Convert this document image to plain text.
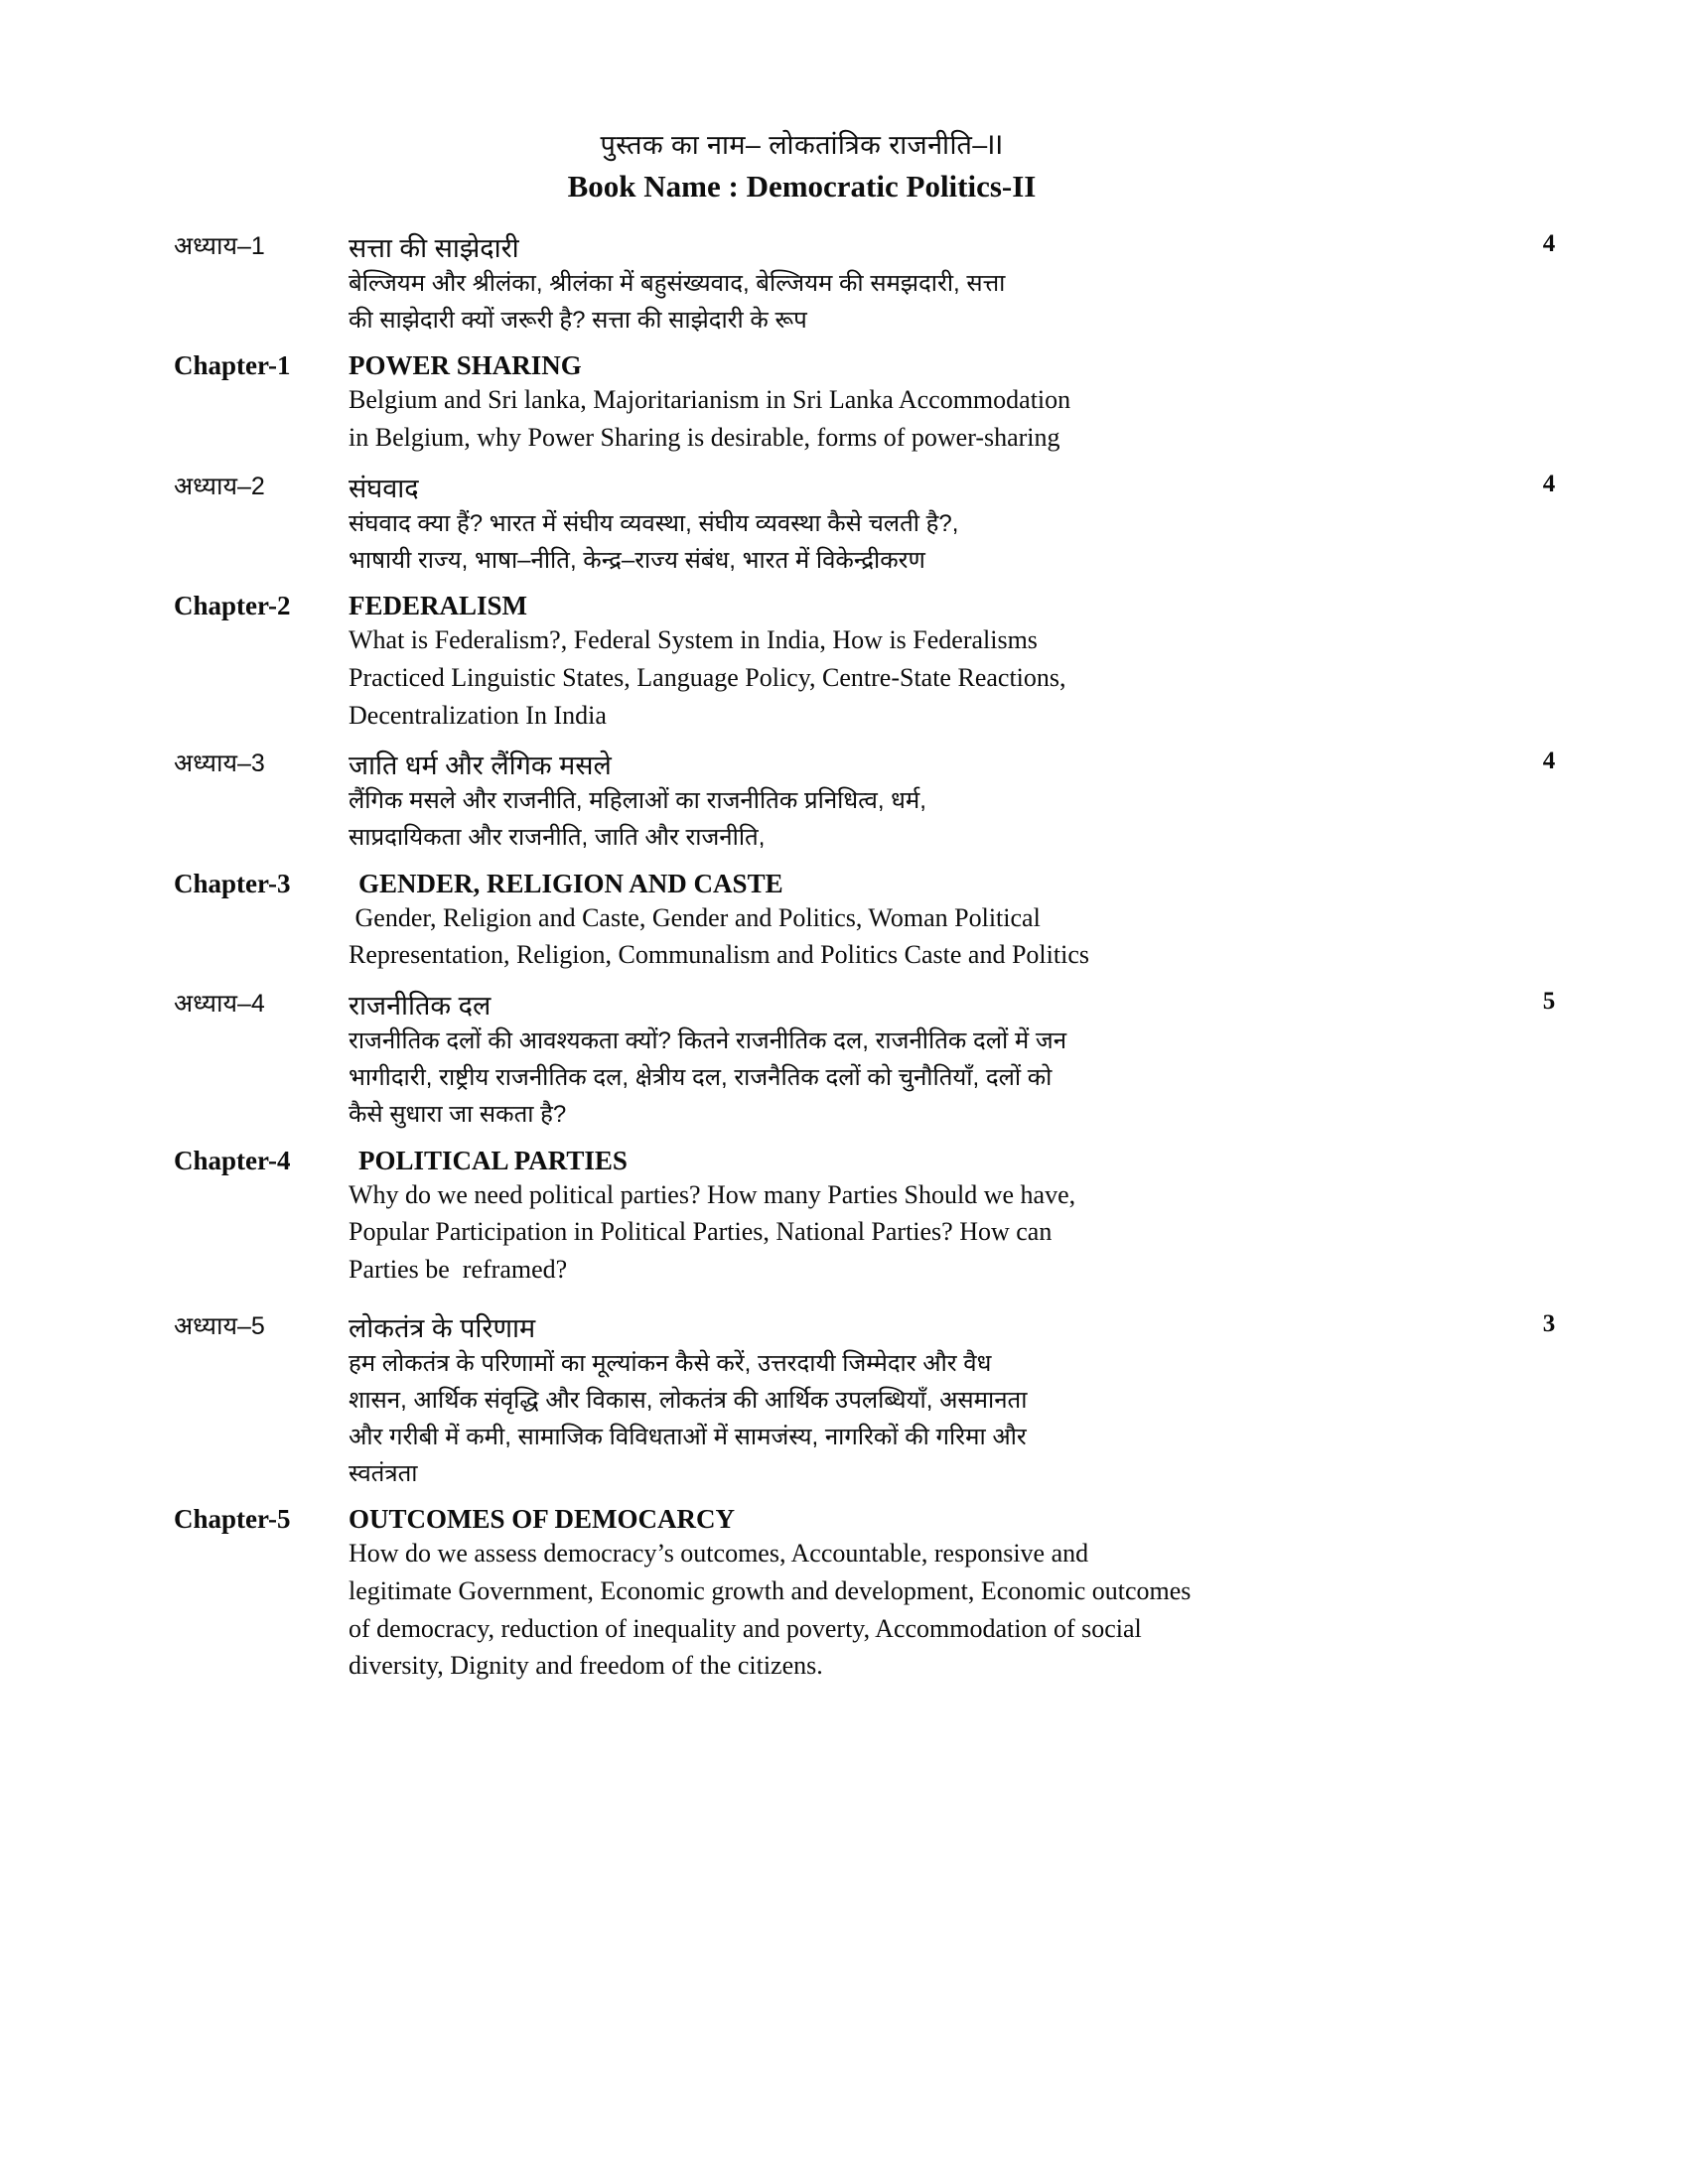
पुस्तक का नाम– लोकतांत्रिक राजनीति–II
Book Name : Democratic Politics-II
अध्याय–1	सत्ता की साझेदारी	4
बेल्जियम और श्रीलंका, श्रीलंका में बहुसंख्यवाद, बेल्जियम की समझदारी, सत्ता
की साझेदारी क्यों जरूरी है? सत्ता की साझेदारी के रूप
Chapter-1	POWER SHARING
Belgium and Sri lanka, Majoritarianism in Sri Lanka Accommodation
in Belgium, why Power Sharing is desirable, forms of power-sharing
अध्याय–2	संघवाद	4
संघवाद क्या हैं? भारत में संघीय व्यवस्था, संघीय व्यवस्था कैसे चलती है?,
भाषायी राज्य, भाषा–नीति, केन्द्र–राज्य संबंध, भारत में विकेन्द्रीकरण
Chapter-2	FEDERALISM
What is Federalism?, Federal System in India, How is Federalisms
Practiced Linguistic States, Language Policy, Centre-State Reactions,
Decentralization In India
अध्याय–3	जाति धर्म और लैंगिक मसले	4
लैंगिक मसले और राजनीति, महिलाओं का राजनीतिक प्रनिधित्व, धर्म,
साप्रदायिकता और राजनीति, जाति और राजनीति,
Chapter-3	GENDER, RELIGION AND CASTE
Gender, Religion and Caste, Gender and Politics, Woman Political
Representation, Religion, Communalism and Politics Caste and Politics
अध्याय–4	राजनीतिक दल	5
राजनीतिक दलों की आवश्यकता क्यों? कितने राजनीतिक दल, राजनीतिक दलों में जन
भागीदारी, राष्ट्रीय राजनीतिक दल, क्षेत्रीय दल, राजनैतिक दलों को चुनौतियाँ, दलों को
कैसे सुधारा जा सकता है?
Chapter-4	POLITICAL PARTIES
Why do we need political parties? How many Parties Should we have,
Popular Participation in Political Parties, National Parties? How can
Parties be  reframed?
अध्याय–5	लोकतंत्र के परिणाम	3
हम लोकतंत्र के परिणामों का मूल्यांकन कैसे करें, उत्तरदायी जिम्मेदार और वैध
शासन, आर्थिक संवृद्धि और विकास, लोकतंत्र की आर्थिक उपलब्धियाँ, असमानता
और गरीबी में कमी, सामाजिक विविधताओं में सामजंस्य, नागरिकों की गरिमा और
स्वतंत्रता
Chapter-5	OUTCOMES OF DEMOCARCY
How do we assess democracy’s outcomes, Accountable, responsive and
legitimate Government, Economic growth and development, Economic outcomes
of democracy, reduction of inequality and poverty, Accommodation of social
diversity, Dignity and freedom of the citizens.
